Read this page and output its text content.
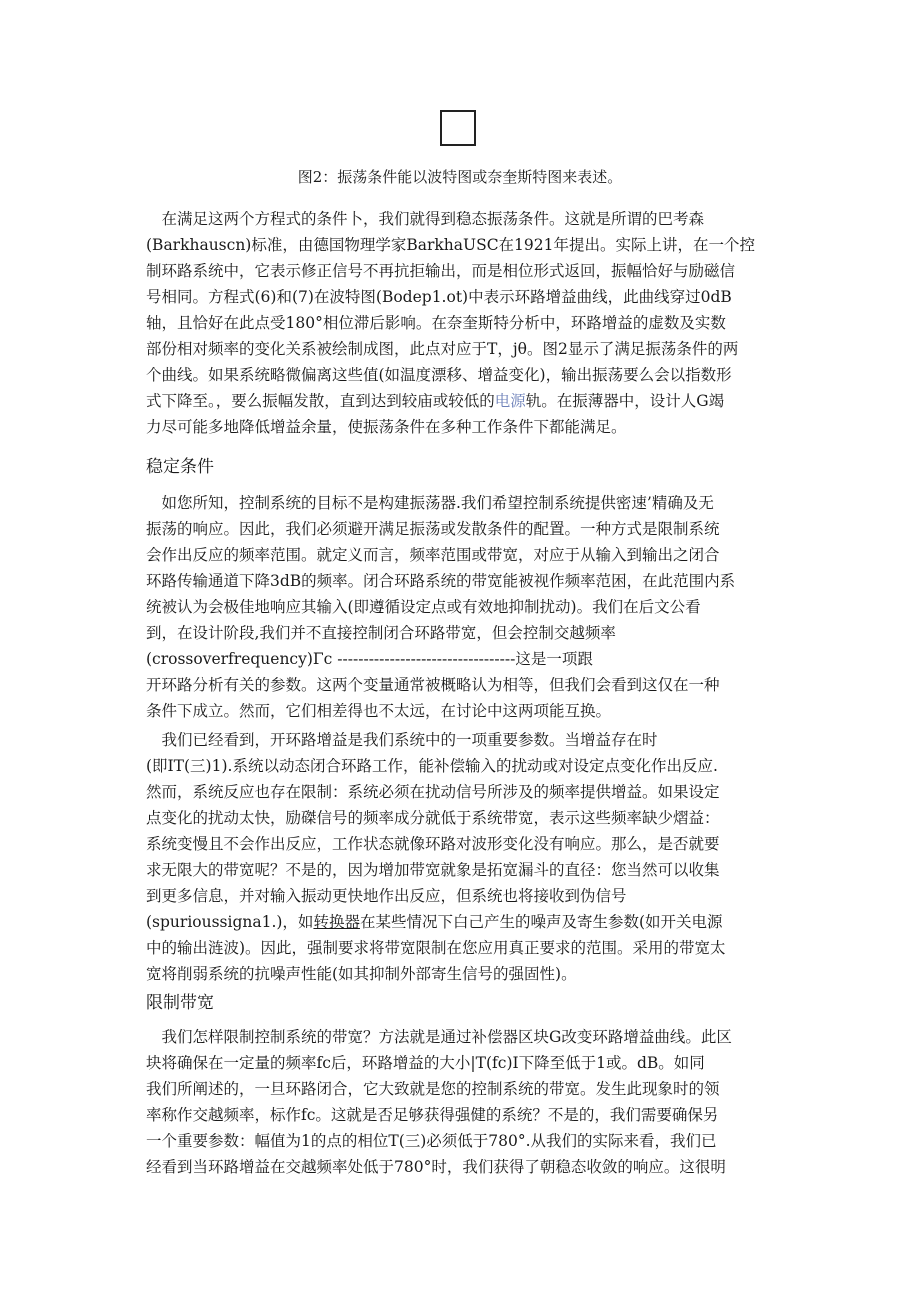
图2：振荡条件能以波特图或奈奎斯特图来表述。
　在满足这两个方程式的条件卜，我们就得到稳态振荡条件。这就是所谓的巴考森
(Barkhauscn)标准，由德国物理学家BarkhaUSC在1921年提出。实际上讲，在一个控
制环路系统中，它表示修正信号不再抗拒输出，而是相位形式返回，振幅恰好与励磁信
号相同。方程式(6)和(7)在波特图(Bodep1.ot)中表示环路增益曲线，此曲线穿过0dB
轴，且恰好在此点受180°相位滞后影响。在奈奎斯特分析中，环路增益的虚数及实数
部份相对频率的变化关系被绘制成图，此点对应于T，jθ。图2显示了满足振荡条件的两
个曲线。如果系统略微偏离这些值(如温度漂移、增益变化)，输出振荡要么会以指数形
式下降至。，要么振幅发散，直到达到较庙或较低的电源轨。在振薄器中，设计人G竭
力尽可能多地降低增益余量，使振荡条件在多种工作条件下都能满足。
稳定条件
　如您所知，控制系统的目标不是构建振荡器.我们希望控制系统提供密速’精确及无
振荡的响应。因此，我们必须避开满足振荡或发散条件的配置。一种方式是限制系统
会作出反应的频率范围。就定义而言，频率范围或带宽，对应于从输入到输出之闭合
环路传输通道下降3dB的频率。闭合环路系统的带宽能被视作频率范困，在此范围内系
统被认为会极佳地响应其输入(即遵循设定点或有效地抑制扰动)。我们在后文公看
到，在设计阶段,我们并不直接控制闭合环路带宽，但会控制交越频率
(crossoverfrequency)Γc ----------------------------------这是一项跟
开环路分析有关的参数。这两个变量通常被概略认为相等，但我们会看到这仅在一种
条件下成立。然而，它们相差得也不太远，在讨论中这两项能互换。
　我们已经看到，开环路增益是我们系统中的一项重要参数。当增益存在时
(即IT(三)1).系统以动态闭合环路工作，能补偿输入的扰动或对设定点变化作出反应.
然而，系统反应也存在限制：系统必须在扰动信号所涉及的频率提供增益。如果设定
点变化的扰动太快，励磔信号的频率成分就低于系统带宽，表示这些频率缺少熠益：
系统变慢且不会作出反应，工作状态就像环路对波形变化没有响应。那么，是否就要
求无限大的带宽呢？不是的，因为增加带宽就象是拓宽漏斗的直径：您当然可以收集
到更多信息，并对输入振动更快地作出反应，但系统也将接收到伪信号
(spurioussigna1.)，如转换器在某些情况下白己产生的噪声及寄生参数(如开关电源
中的输出涟波)。因此，强制要求将带宽限制在您应用真正要求的范围。采用的带宽太
宽将削弱系统的抗噪声性能(如其抑制外部寄生信号的强固性)。
限制带宽
　我们怎样限制控制系统的带宽？方法就是通过补偿器区块G改变环路增益曲线。此区
块将确保在一定量的频率fc后，环路增益的大小|T(fc)I下降至低于1或。dB。如同
我们所阐述的，一旦环路闭合，它大致就是您的控制系统的带宽。发生此现象时的领
率称作交越频率，标作fc。这就是否足够获得强健的系统？不是的，我们需要确保另
一个重要参数：幅值为1的点的相位T(三)必须低于780°.从我们的实际来看，我们已
经看到当环路增益在交越频率处低于780°时，我们获得了朝稳态收敛的响应。这很明
